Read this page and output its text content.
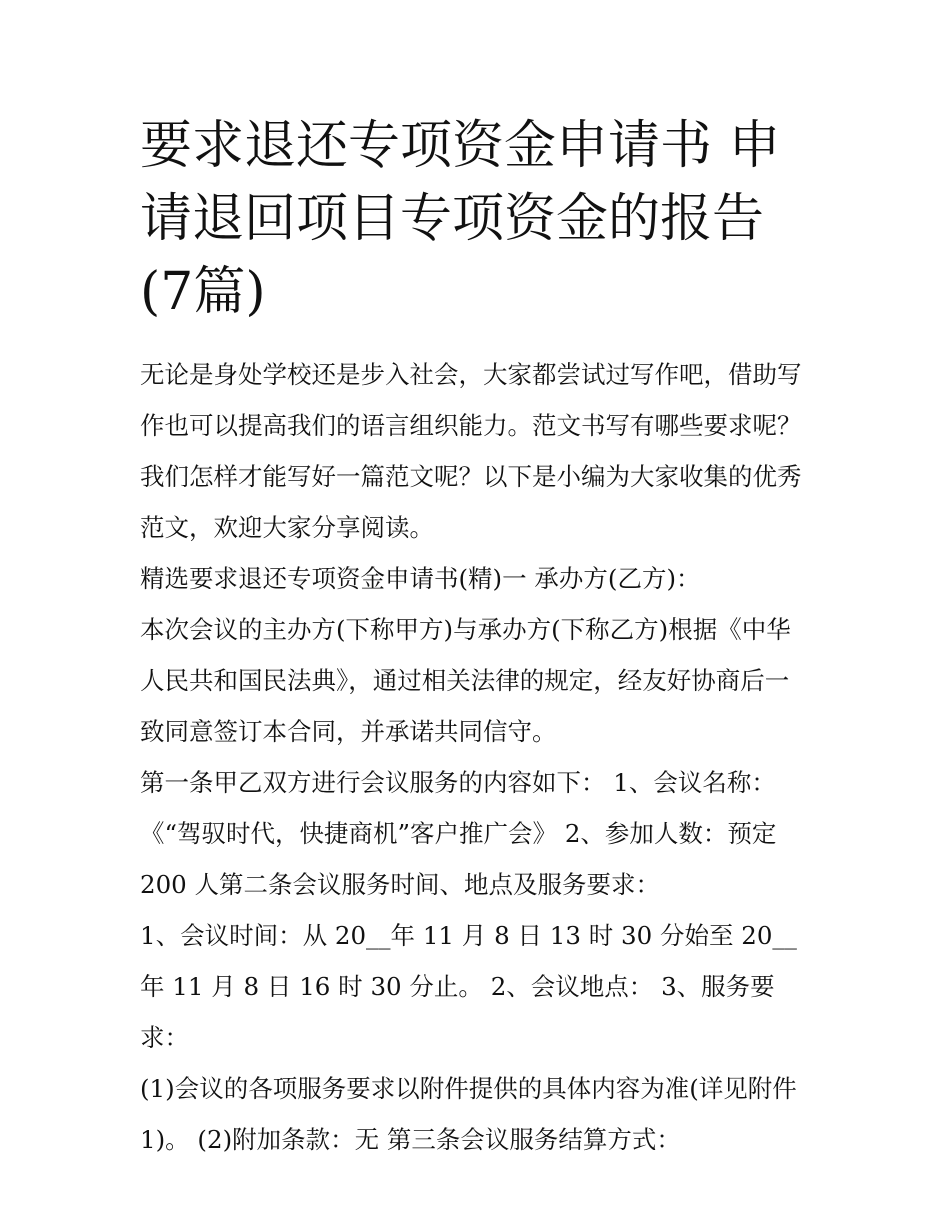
要求退还专项资金申请书 申请退回项目专项资金的报告(7篇)

无论是身处学校还是步入社会，大家都尝试过写作吧，借助写作也可以提高我们的语言组织能力。范文书写有哪些要求呢？我们怎样才能写好一篇范文呢？以下是小编为大家收集的优秀范文，欢迎大家分享阅读。

精选要求退还专项资金申请书(精)一 承办方(乙方)：

本次会议的主办方(下称甲方)与承办方(下称乙方)根据《中华人民共和国民法典》，通过相关法律的规定，经友好协商后一致同意签订本合同，并承诺共同信守。

第一条甲乙双方进行会议服务的内容如下： 1、会议名称：《“驾驭时代，快捷商机”客户推广会》 2、参加人数：预定200 人第二条会议服务时间、地点及服务要求：

1、会议时间：从 20__年 11 月 8 日 13 时 30 分始至 20__年 11 月 8 日 16 时 30 分止。 2、会议地点： 3、服务要求：

(1)会议的各项服务要求以附件提供的具体内容为准(详见附件1)。 (2)附加条款：无 第三条会议服务结算方式：
